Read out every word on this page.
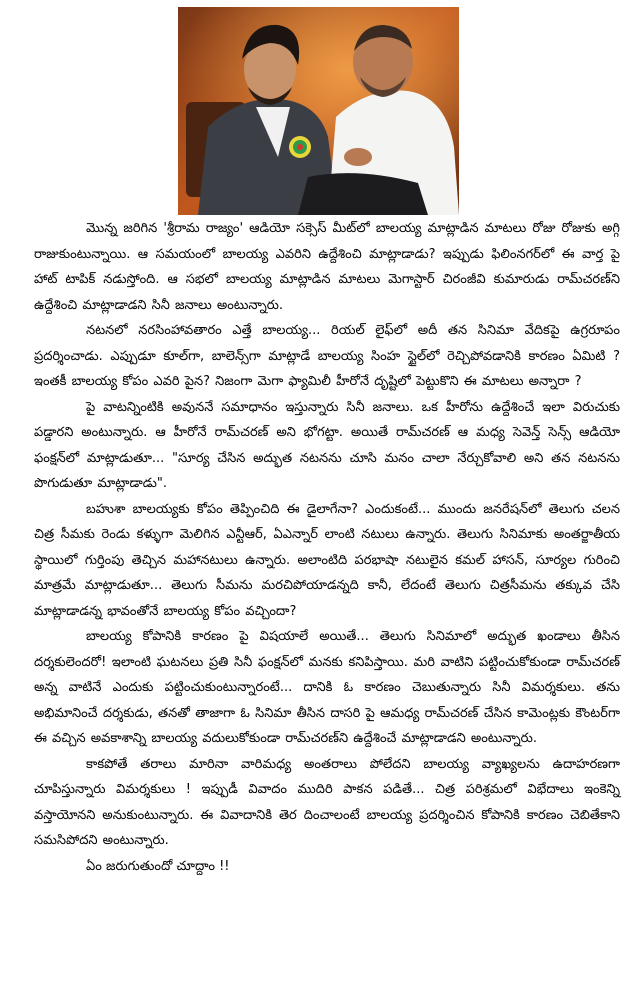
మొన్న జరిగిన 'శ్రీరామ రాజ్యం' ఆడియో సక్సెస్ మీట్‌లో బాలయ్య మాట్లాడిన మాటలు రోజు రోజుకు అగ్గి రాజుకుంటున్నాయి. ఆ సమయంలో బాలయ్య ఎవరిని ఉద్దేశించి మాట్లాడాడు? ఇప్పుడు ఫిలింనగర్‌లో ఈ వార్త పై హాట్ టాపిక్ నడుస్తోంది. ఆ సభలో బాలయ్య మాట్లాడిన మాటలు మెగాస్టార్ చిరంజీవి కుమారుడు రామ్‌చరణ్‌ని ఉద్దేశించి మాట్లాడాడని సినీ జనాలు అంటున్నారు.

నటనలో నరసింహావతారం ఎత్తే బాలయ్య... రియల్ లైఫ్‌లో అదీ తన సినిమా వేదికపై ఉగ్రరూపం ప్రదర్శించాడు. ఎప్పుడూ కూల్‌గా, బాలెన్స్‌గా మాట్లాడే బాలయ్య సింహ స్టైల్‌లో రెచ్చిపోవడానికి కారణం ఏమిటి ? ఇంతకీ బాలయ్య కోపం ఎవరి పైన? నిజంగా మెగా ఫ్యామిలీ హీరోనే దృష్టిలో పెట్టుకొని ఈ మాటలు అన్నారా ?

పై వాటన్నింటికి అవుననే సమాధానం ఇస్తున్నారు సినీ జనాలు. ఒక హీరోను ఉద్దేశించే ఇలా విరుచుకు పడ్డారని అంటున్నారు. ఆ హీరోనే రామ్‌చరణ్ అని భోగట్టా. అయితే రామ్‌చరణ్ ఆ మధ్య సెవెన్త్ సెన్స్ ఆడియో ఫంక్షన్‌లో మాట్లాడుతూ... "సూర్య చేసిన అద్భుత నటనను చూసి మనం చాలా నేర్చుకోవాలి అని తన నటనను పొగుడుతూ మాట్లాడాడు".

బహుశా బాలయ్యకు కోపం తెప్పించిది ఈ డైలాగేనా? ఎందుకంటే... ముందు జనరేషన్‌లో తెలుగు చలన చిత్ర సీమకు రెండు కళ్ళుగా మెలిగిన ఎన్టీఆర్, ఏఎన్నార్ లాంటి నటులు ఉన్నారు. తెలుగు సినిమాకు అంతర్జాతీయ స్థాయిలో గుర్తింపు తెచ్చిన మహానటులు ఉన్నారు. అలాంటిది పరభాషా నటులైన కమల్ హాసన్, సూర్యల గురించి మాత్రమే మాట్లాడుతూ... తెలుగు సీమను మరచిపోయాడన్నది కానీ, లేదంటే తెలుగు చిత్రసీమను తక్కువ చేసి మాట్లాడాడన్న భావంతోనే బాలయ్య కోపం వచ్చిందా?

బాలయ్య కోపానికి కారణం పై విషయాలే అయితే... తెలుగు సినిమాలో అద్భుత ఖండాలు తీసిన దర్శకులెందరో! ఇలాంటి ఘటనలు ప్రతి సినీ ఫంక్షన్‌లో మనకు కనిపిస్తాయి. మరి వాటిని పట్టించుకోకుండా రామ్‌చరణ్ అన్న వాటినే ఎందుకు పట్టించుకుంటున్నారంటే... దానికి ఓ కారణం చెబుతున్నారు సినీ విమర్శకులు. తను అభిమానించే దర్శకుడు, తనతో తాజాగా ఓ సినిమా తీసిన దాసరి పై ఆమధ్య రామ్‌చరణ్ చేసిన కామెంట్లకు కౌంటర్‌గా ఈ వచ్చిన అవకాశాన్ని బాలయ్య వదులుకోకుండా రామ్‌చరణ్‌ని ఉద్దేశించే మాట్లాడాడని అంటున్నారు.

కాకపోతే తరాలు మారినా వారిమధ్య అంతరాలు పోలేదని బాలయ్య వ్యాఖ్యలను ఉదాహరణగా చూపిస్తున్నారు విమర్శకులు ! ఇప్పుడీ వివాదం ముదిరి పాకన పడితే... చిత్ర పరిశ్రమలో విభేదాలు ఇంకెన్ని వస్తాయోనని అనుకుంటున్నారు. ఈ వివాదానికి తెర దించాలంటే బాలయ్య ప్రదర్శించిన కోపానికి కారణం చెబితేకాని సమసిపోదని అంటున్నారు.

ఏం జరుగుతుందో చూద్దాం !!
